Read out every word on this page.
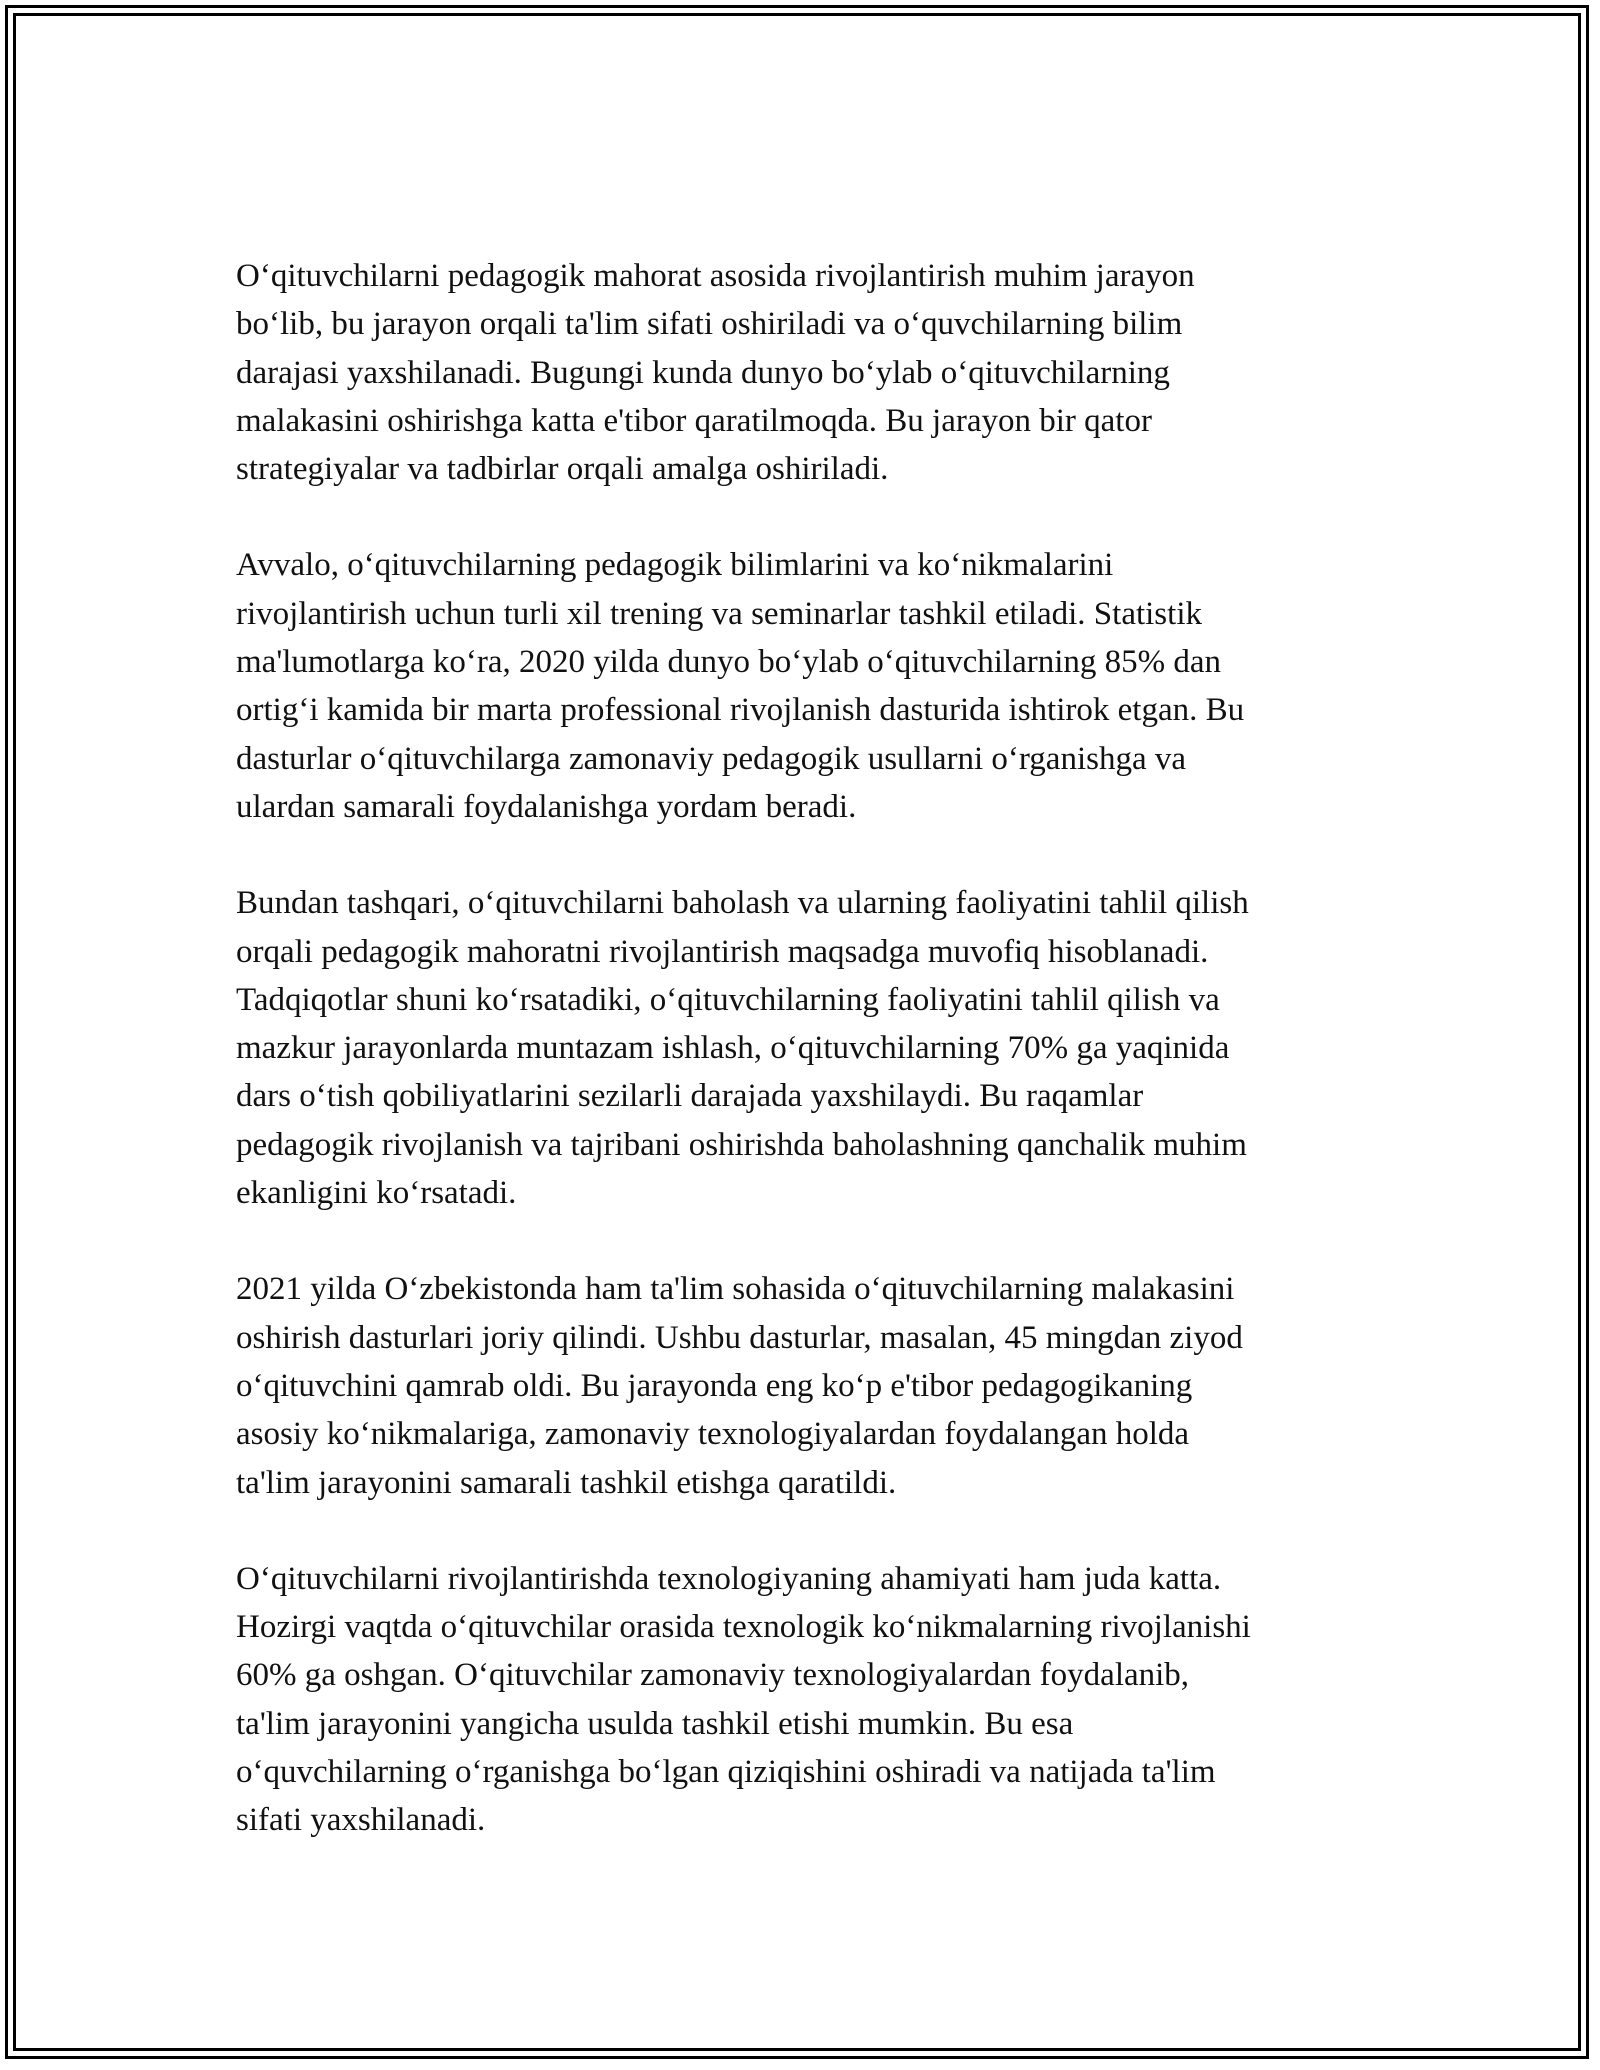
Oʻqituvchilarni pedagogik mahorat asosida rivojlantirish muhim jarayon
boʻlib, bu jarayon orqali ta'lim sifati oshiriladi va oʻquvchilarning bilim
darajasi yaxshilanadi. Bugungi kunda dunyo boʻylab oʻqituvchilarning
malakasini oshirishga katta e'tibor qaratilmoqda. Bu jarayon bir qator
strategiyalar va tadbirlar orqali amalga oshiriladi.

Avvalo, oʻqituvchilarning pedagogik bilimlarini va koʻnikmalarini
rivojlantirish uchun turli xil trening va seminarlar tashkil etiladi. Statistik
ma'lumotlarga koʻra, 2020 yilda dunyo boʻylab oʻqituvchilarning 85% dan
ortigʻi kamida bir marta professional rivojlanish dasturida ishtirok etgan. Bu
dasturlar oʻqituvchilarga zamonaviy pedagogik usullarni oʻrganishga va
ulardan samarali foydalanishga yordam beradi.

Bundan tashqari, oʻqituvchilarni baholash va ularning faoliyatini tahlil qilish
orqali pedagogik mahoratni rivojlantirish maqsadga muvofiq hisoblanadi.
Tadqiqotlar shuni koʻrsatadiki, oʻqituvchilarning faoliyatini tahlil qilish va
mazkur jarayonlarda muntazam ishlash, oʻqituvchilarning 70% ga yaqinida
dars oʻtish qobiliyatlarini sezilarli darajada yaxshilaydi. Bu raqamlar
pedagogik rivojlanish va tajribani oshirishda baholashning qanchalik muhim
ekanligini koʻrsatadi.

2021 yilda Oʻzbekistonda ham ta'lim sohasida oʻqituvchilarning malakasini
oshirish dasturlari joriy qilindi. Ushbu dasturlar, masalan, 45 mingdan ziyod
oʻqituvchini qamrab oldi. Bu jarayonda eng koʻp e'tibor pedagogikaning
asosiy koʻnikmalariga, zamonaviy texnologiyalardan foydalangan holda
ta'lim jarayonini samarali tashkil etishga qaratildi.

Oʻqituvchilarni rivojlantirishda texnologiyaning ahamiyati ham juda katta.
Hozirgi vaqtda oʻqituvchilar orasida texnologik koʻnikmalarning rivojlanishi
60% ga oshgan. Oʻqituvchilar zamonaviy texnologiyalardan foydalanib,
ta'lim jarayonini yangicha usulda tashkil etishi mumkin. Bu esa
oʻquvchilarning oʻrganishga boʻlgan qiziqishini oshiradi va natijada ta'lim
sifati yaxshilanadi.
